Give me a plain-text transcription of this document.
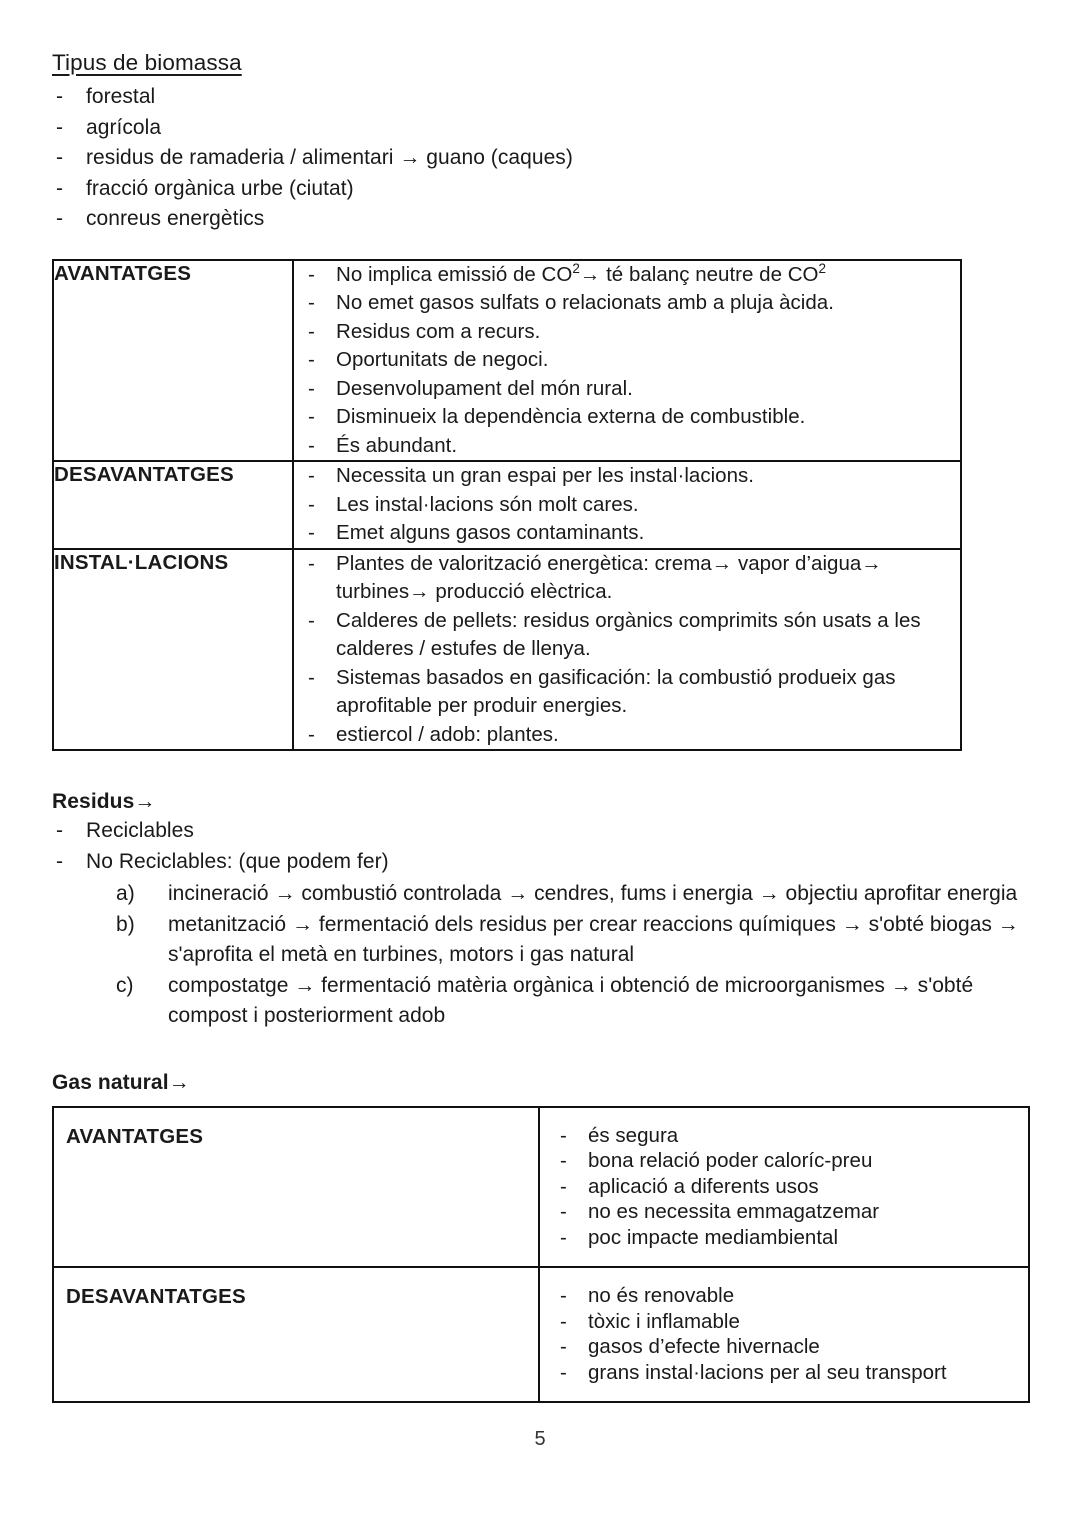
Tipus de biomassa
- forestal
- agrícola
- residus de ramaderia / alimentari → guano (caques)
- fracció orgànica urbe (ciutat)
- conreus energètics
AVANTATGES	
-No implica emissió de $CO^2\to$ té balanç neutre de $CO^2$
- No emet gasos sulfats o relacionats amb a pluja àcida.
- Residus com a recurs.
- Oportunitats de negoci.
- Desenvolupament del món rural.
- Disminueix la dependència externa de combustible.
- És abundant.

DESAVANTATGES	
-Necessita un gran espai per les instal·lacions.
- Les instal·lacions són molt cares.
- Emet alguns gasos contaminants.

INSTAL·LACIONS	
-Plantes de valorització energètica: crema→ vapor d’aigua→ turbines→ producció elèctrica.
- Calderes de pellets: residus orgànics comprimits són usats a les calderes / estufes de llenya.
- Sistemas basados en gasificación: la combustió produeix gas aprofitable per produir energies.
- estiercol / adob: plantes.
Residus→
- Reciclables
- No Reciclables: (que podem fer)
a) incineració → combustió controlada → cendres, fums i energia → objectiu aprofitar energia
b) metanització → fermentació dels residus per crear reaccions químiques → s'obté biogas → s'aprofita el metà en turbines, motors i gas natural
c) compostatge → fermentació matèria orgànica i obtenció de microorganismes → s'obté compost i posteriorment adob
Gas natural→
AVANTATGES	
-és segura
- bona relació poder caloríc-preu
- aplicació a diferents usos
- no es necessita emmagatzemar
- poc impacte mediambiental

DESAVANTATGES	
-no és renovable
- tòxic i inflamable
- gasos d’efecte hivernacle
- grans instal·lacions per al seu transport
5
